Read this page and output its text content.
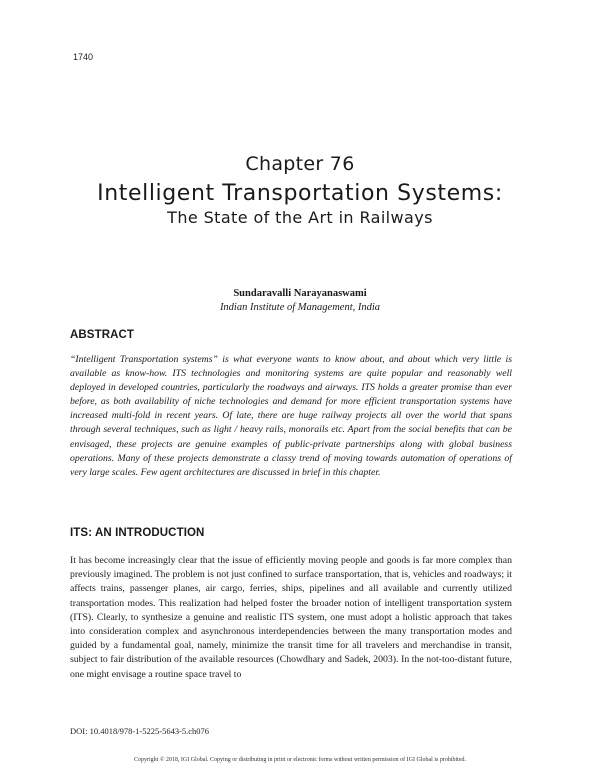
1740
Chapter 76
Intelligent Transportation Systems:
The State of the Art in Railways
Sundaravalli Narayanaswami
Indian Institute of Management, India
ABSTRACT
“Intelligent Transportation systems” is what everyone wants to know about, and about which very little is available as know-how. ITS technologies and monitoring systems are quite popular and reasonably well deployed in developed countries, particularly the roadways and airways. ITS holds a greater promise than ever before, as both availability of niche technologies and demand for more efficient transportation systems have increased multi-fold in recent years. Of late, there are huge railway projects all over the world that spans through several techniques, such as light / heavy rails, monorails etc. Apart from the social benefits that can be envisaged, these projects are genuine examples of public-private partnerships along with global business operations. Many of these projects demonstrate a classy trend of moving towards automation of operations of very large scales. Few agent architectures are discussed in brief in this chapter.
ITS: AN INTRODUCTION
It has become increasingly clear that the issue of efficiently moving people and goods is far more complex than previously imagined. The problem is not just confined to surface transportation, that is, vehicles and roadways; it affects trains, passenger planes, air cargo, ferries, ships, pipelines and all available and currently utilized transportation modes. This realization had helped foster the broader notion of intelligent transportation system (ITS). Clearly, to synthesize a genuine and realistic ITS system, one must adopt a holistic approach that takes into consideration complex and asynchronous interdependencies between the many transportation modes and guided by a fundamental goal, namely, minimize the transit time for all travelers and merchandise in transit, subject to fair distribution of the available resources (Chowdhary and Sadek, 2003). In the not-too-distant future, one might envisage a routine space travel to
DOI: 10.4018/978-1-5225-5643-5.ch076
Copyright © 2018, IGI Global. Copying or distributing in print or electronic forms without written permission of IGI Global is prohibited.
